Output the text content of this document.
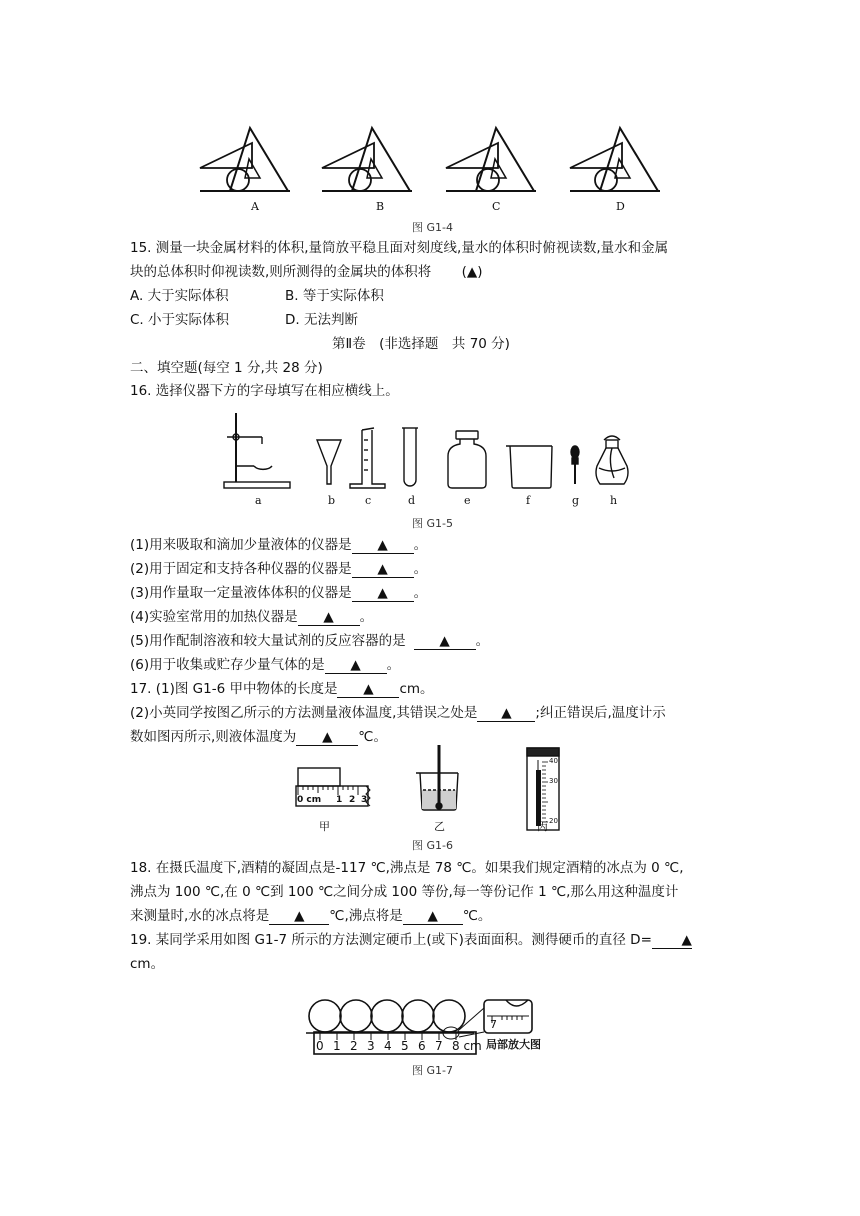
A	B	C	D
图 G1-4
15. 测量一块金属材料的体积,量筒放平稳且面对刻度线,量水的体积时俯视读数,量水和金属
块的总体积时仰视读数,则所测得的金属块的体积将 (▲)
A. 大于实际体积	B. 等于实际体积
C. 小于实际体积	D. 无法判断
第Ⅱ卷　(非选择题　共 70 分)
二、填空题(每空 1 分,共 28 分)
16. 选择仪器下方的字母填写在相应横线上。
a	b	c	d	e	f	g	h
图 G1-5
(1)用来吸取和滴加少量液体的仪器是 ▲ 。
(2)用于固定和支持各种仪器的仪器是 ▲ 。
(3)用作量取一定量液体体积的仪器是 ▲ 。
(4)实验室常用的加热仪器是 ▲ 。
(5)用作配制溶液和较大量试剂的反应容器的是	▲ 。
(6)用于收集或贮存少量气体的是 ▲ 。
17. (1)图 G1-6 甲中物体的长度是 ▲ cm。
(2)小英同学按图乙所示的方法测量液体温度,其错误之处是 ▲ ;纠正错误后,温度计示
数如图丙所示,则液体温度为 ▲ ℃。
0 cm 1 2 3
40
30
20
甲	乙	丙
图 G1-6
18. 在摄氏温度下,酒精的凝固点是-117 ℃,沸点是 78 ℃。如果我们规定酒精的冰点为 0 ℃,
沸点为 100 ℃,在 0 ℃到 100 ℃之间分成 100 等份,每一等份记作 1 ℃,那么用这种温度计
来测量时,水的冰点将是 ▲ ℃,沸点将是 ▲ ℃。
19. 某同学采用如图 G1-7 所示的方法测定硬币上(或下)表面面积。测得硬币的直径 D= ▲
cm。
0 1 2 3 4 5 6 7 8 cm
7
局部放大图
图 G1-7
